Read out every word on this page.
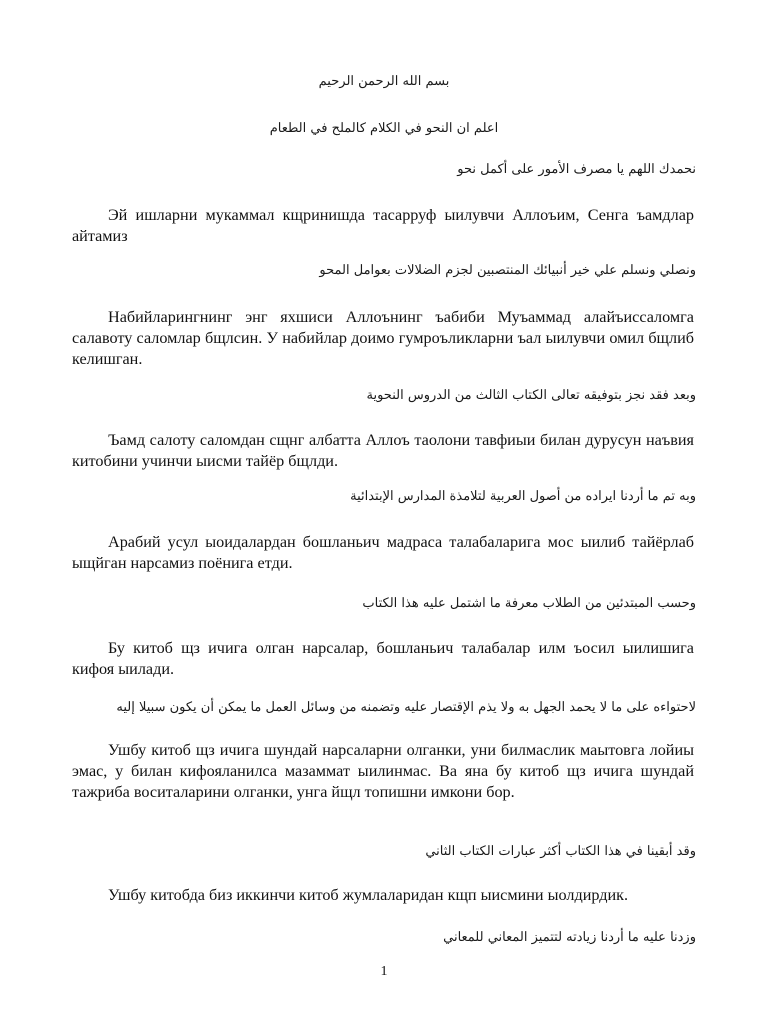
بسم الله الرحمن الرحيم
اعلم ان النحو في الكلام كالملح في الطعام
نحمدك اللهم يا مصرف الأمور على أكمل نحو

Эй ишларни мукаммал кщринишда тасарруф ыилувчи Аллоъим, Сенга ъамдлар айтамиз

ونصلي ونسلم علي خير أنبيائك المنتصبين لجزم الضلالات بعوامل المحو

Набийларингнинг энг яхшиси Аллоънинг ъабиби Муъаммад алайъиссаломга салавоту саломлар бщлсин. У набийлар доимо гумроъликларни ъал ыилувчи омил бщлиб келишган.

وبعد فقد نجز بتوفيقه تعالى الكتاب الثالث من الدروس النحوية

Ъамд салоту саломдан сщнг албатта Аллоъ таолони тавфиыи билан дурусун наъвия китобини учинчи ыисми тайёр бщлди.

وبه تم ما أردنا ايراده من أصول العربية لتلامذة المدارس الإبتدائية

Арабий усул ыоидалардан бошланьич мадраса талабаларига мос ыилиб тайёрлаб ыщйган нарсамиз поёнига етди.

وحسب المبتدئين من الطلاب معرفة ما اشتمل عليه هذا الكتاب

Бу китоб щз ичига олган нарсалар, бошланьич талабалар илм ъосил ыилишига кифоя ыилади.

لاحتواءه على ما لا يحمد الجهل به ولا يذم الإقتصار عليه وتضمنه من وسائل العمل ما يمكن أن يكون سبيلا إليه

Ушбу китоб щз ичига шундай нарсаларни олганки, уни билмаслик маытовга лойиы эмас, у билан кифояланилса мазаммат ыилинмас. Ва яна бу китоб щз ичига шундай тажриба воситаларини олганки, унга йщл топишни имкони бор.

وقد أبقينا في هذا الكتاب أكثر عبارات الكتاب الثاني

Ушбу китобда биз иккинчи китоб жумлаларидан кщп ыисмини ыолдирдик.

وزدنا عليه ما أردنا زيادته لتتميز المعاني للمعاني
1
